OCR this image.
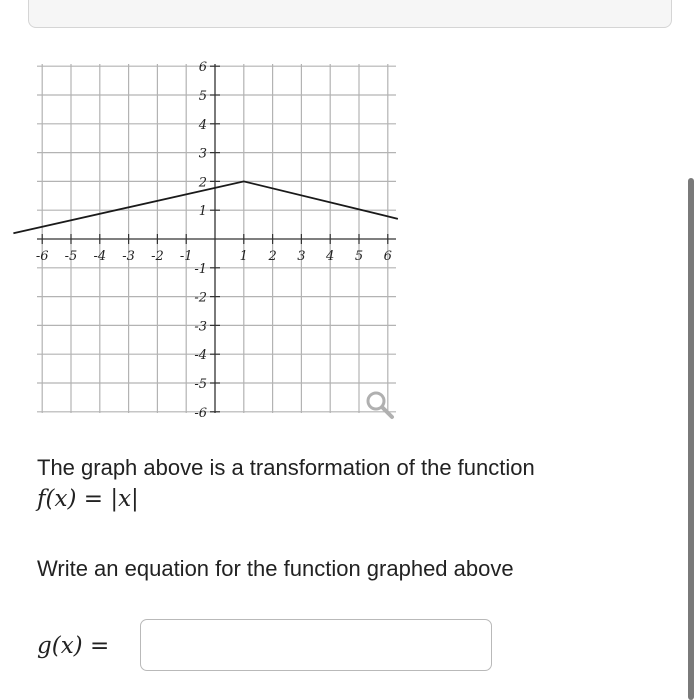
-6 -5 -4 -3 -2 -1	1 2 3 4 5 6
6
5
4
3
2
1
-1
-2
-3
-4
-5
-6

The graph above is a transformation of the function

f(x) = |x|

Write an equation for the function graphed above

g(x) =
